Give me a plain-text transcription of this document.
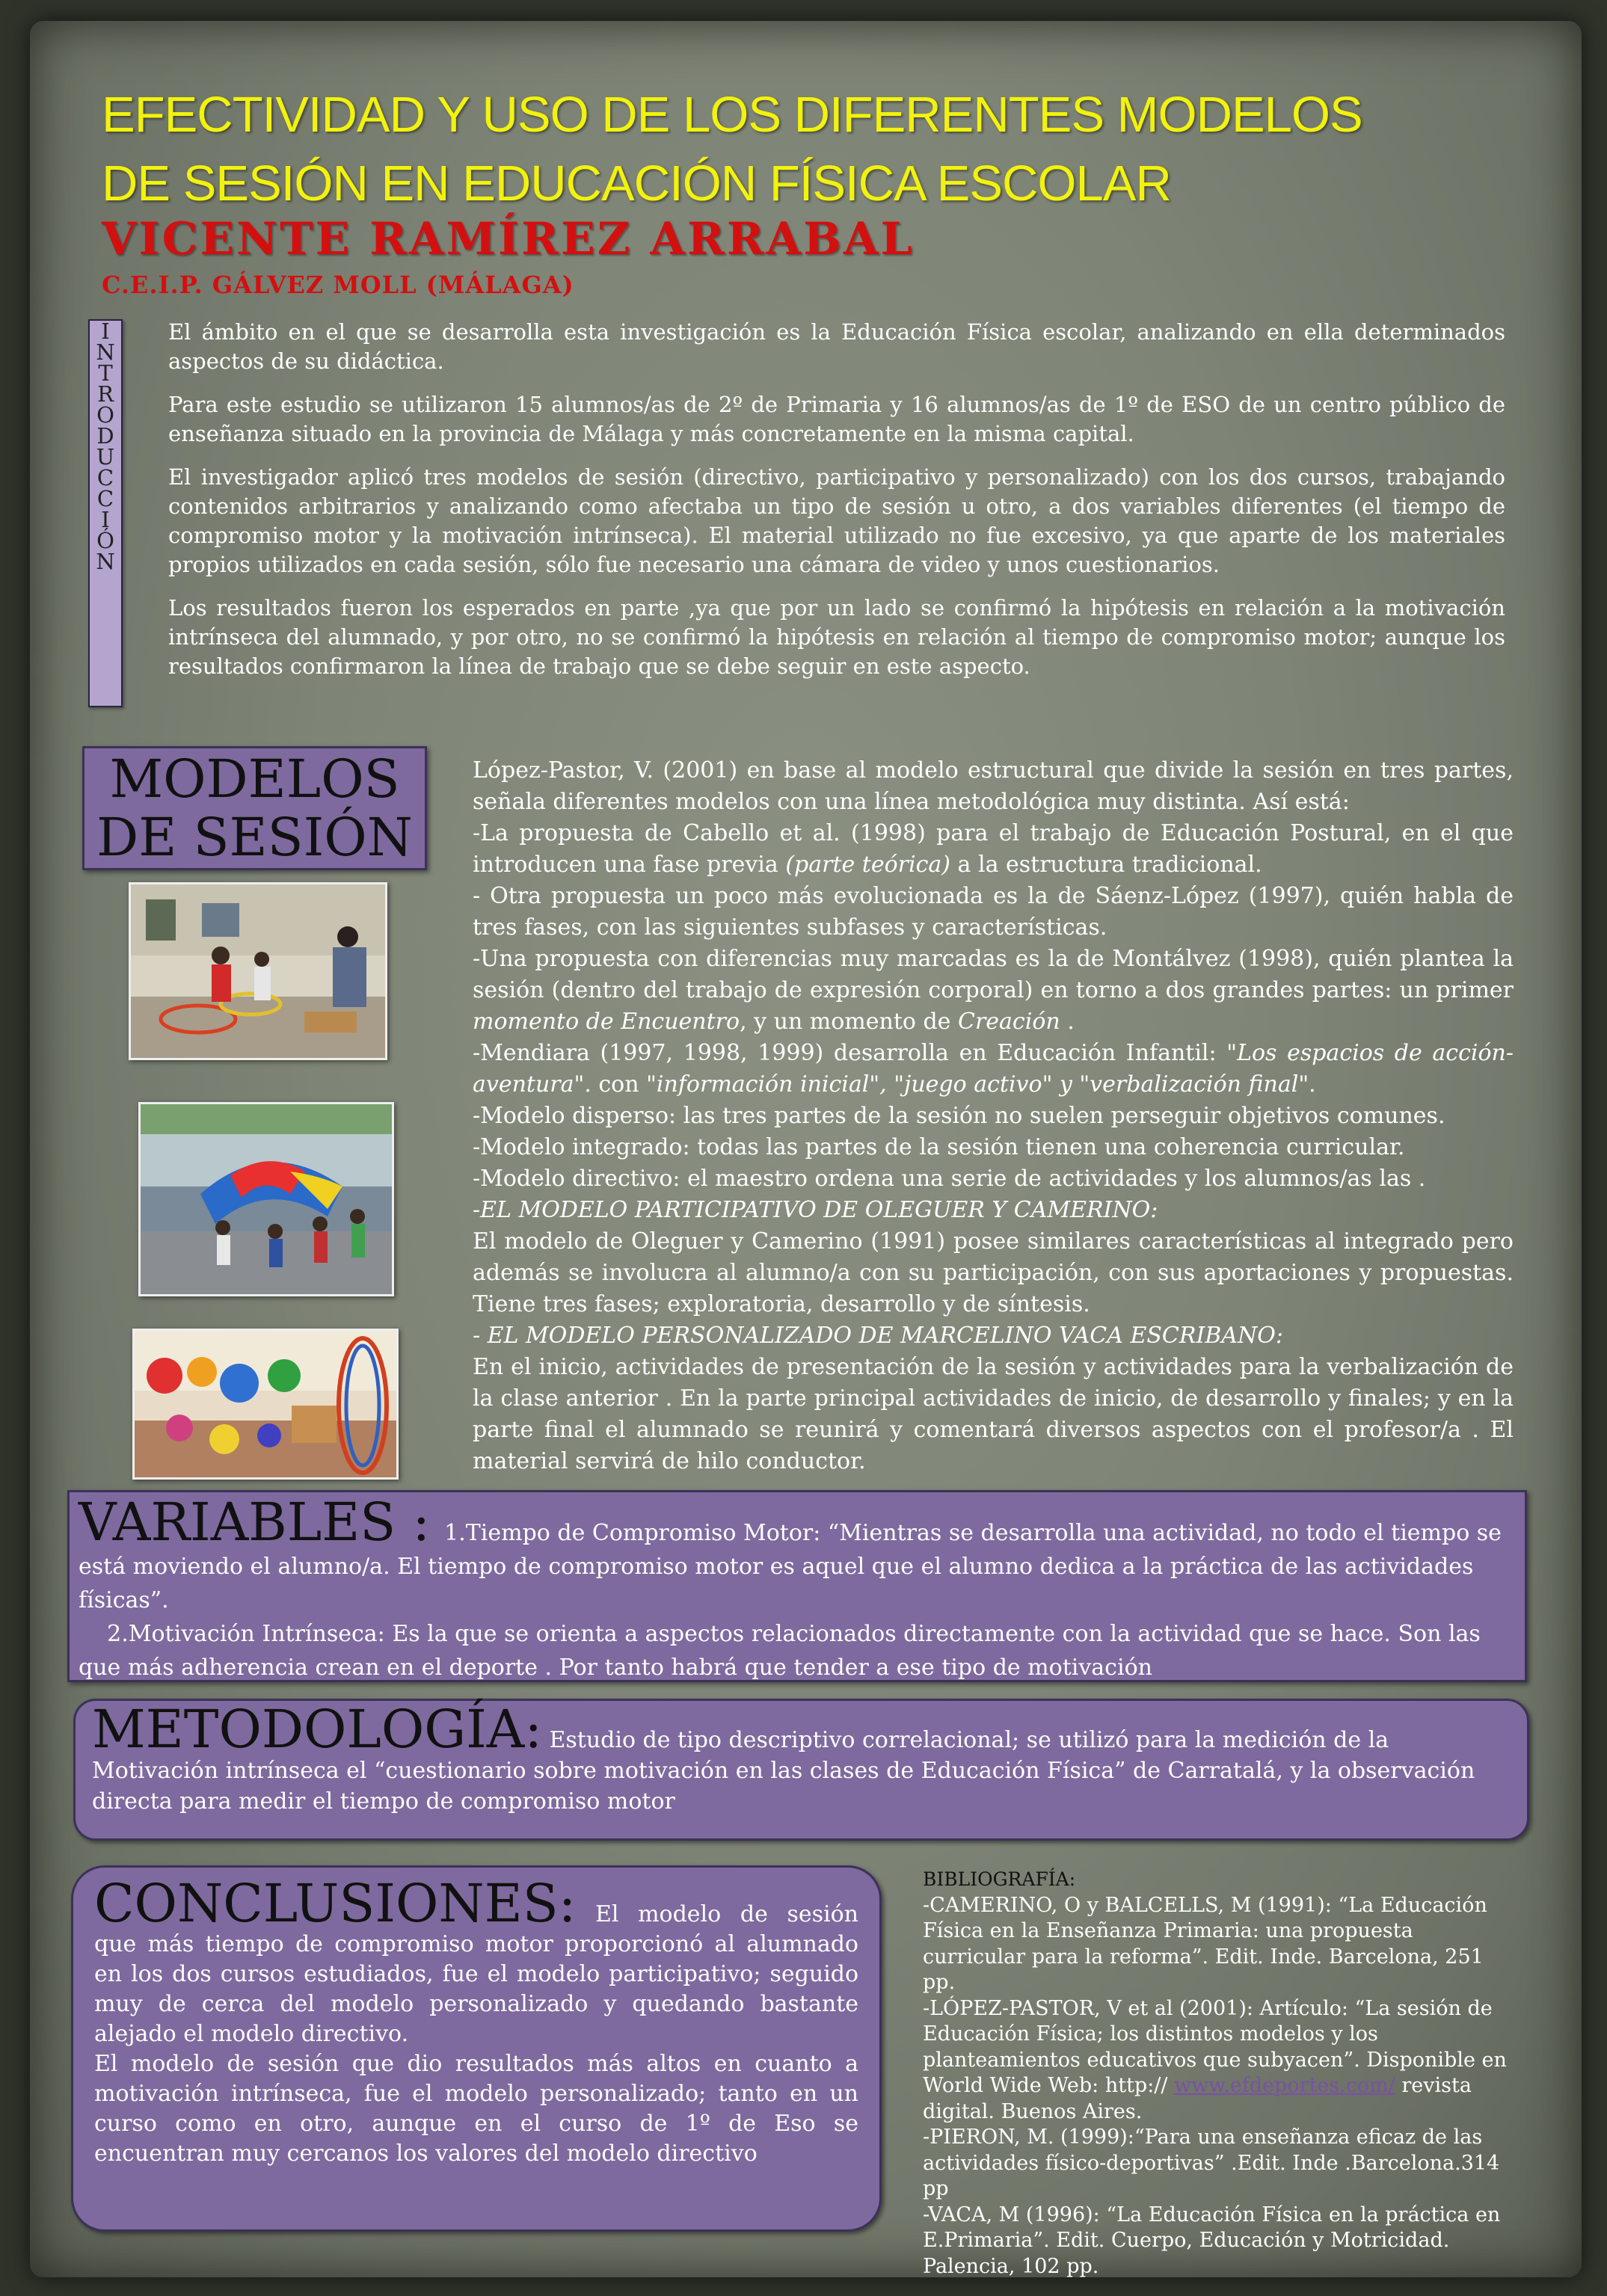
EFECTIVIDAD Y USO DE LOS DIFERENTES MODELOS
DE SESIÓN EN EDUCACIÓN FÍSICA ESCOLAR
VICENTE RAMÍREZ ARRABAL
C.E.I.P. GÁLVEZ MOLL (MÁLAGA)
I
N
T
R
O
D
U
C
C
I
Ó
N

El ámbito en el que se desarrolla esta investigación es la Educación Física escolar, analizando en ella determinados aspectos de su didáctica.

Para este estudio se utilizaron 15 alumnos/as de 2º de Primaria y 16 alumnos/as de 1º de ESO de un centro público de enseñanza situado en la provincia de Málaga y más concretamente en la misma capital.

El investigador aplicó tres modelos de sesión (directivo, participativo y personalizado) con los dos cursos, trabajando contenidos arbitrarios y analizando como afectaba un tipo de sesión u otro, a dos variables diferentes (el tiempo de compromiso motor y la motivación intrínseca). El material utilizado no fue excesivo, ya que aparte de los materiales propios utilizados en cada sesión, sólo fue necesario una cámara de video y unos cuestionarios.

Los resultados fueron los esperados en parte ,ya que por un lado se confirmó la hipótesis en relación a la motivación intrínseca del alumnado, y por otro, no se confirmó la hipótesis en relación al tiempo de compromiso motor; aunque los resultados confirmaron la línea de trabajo que se debe seguir en este aspecto.

MODELOS DE SESIÓN
López-Pastor, V. (2001) en base al modelo estructural que divide la sesión en tres partes, señala diferentes modelos con una línea metodológica muy distinta. Así está:
-La propuesta de Cabello et al. (1998) para el trabajo de Educación Postural, en el que introducen una fase previa (parte teórica) a la estructura tradicional.
- Otra propuesta un poco más evolucionada es la de Sáenz-López (1997), quién habla de tres fases, con las siguientes subfases y características.
-Una propuesta con diferencias muy marcadas es la de Montálvez (1998), quién plantea la sesión (dentro del trabajo de expresión corporal) en torno a dos grandes partes: un primer momento de Encuentro, y un momento de Creación .
-Mendiara (1997, 1998, 1999) desarrolla en Educación Infantil: "Los espacios de acción-aventura". con "información inicial", "juego activo" y "verbalización final".
-Modelo disperso: las tres partes de la sesión no suelen perseguir objetivos comunes.
-Modelo integrado: todas las partes de la sesión tienen una coherencia curricular.
-Modelo directivo: el maestro ordena una serie de actividades y los alumnos/as las .
-EL MODELO PARTICIPATIVO DE OLEGUER Y CAMERINO:
El modelo de Oleguer y Camerino (1991) posee similares características al integrado pero además se involucra al alumno/a con su participación, con sus aportaciones y propuestas. Tiene tres fases; exploratoria, desarrollo y de síntesis.
- EL MODELO PERSONALIZADO DE MARCELINO VACA ESCRIBANO:
En el inicio, actividades de presentación de la sesión y actividades para la verbalización de la clase anterior . En la parte principal actividades de inicio, de desarrollo y finales; y en la parte final el alumnado se reunirá y comentará diversos aspectos con el profesor/a . El material servirá de hilo conductor.
VARIABLES : 1.Tiempo de Compromiso Motor: “Mientras se desarrolla una actividad, no todo el tiempo se está moviendo el alumno/a. El tiempo de compromiso motor es aquel que el alumno dedica a la práctica de las actividades físicas”.
2.Motivación Intrínseca: Es la que se orienta a aspectos relacionados directamente con la actividad que se hace. Son las que más adherencia crean en el deporte . Por tanto habrá que tender a ese tipo de motivación
METODOLOGÍA: Estudio de tipo descriptivo correlacional; se utilizó para la medición de la Motivación intrínseca el “cuestionario sobre motivación en las clases de Educación Física” de Carratalá, y la observación directa para medir el tiempo de compromiso motor
CONCLUSIONES: El modelo de sesión que más tiempo de compromiso motor proporcionó al alumnado en los dos cursos estudiados, fue el modelo participativo; seguido muy de cerca del modelo personalizado y quedando bastante alejado el modelo directivo.
El modelo de sesión que dio resultados más altos en cuanto a motivación intrínseca, fue el modelo personalizado; tanto en un curso como en otro, aunque en el curso de 1º de Eso se encuentran muy cercanos los valores del modelo directivo
BIBLIOGRAFÍA:
-CAMERINO, O y BALCELLS, M (1991): “La Educación Física en la Enseñanza Primaria: una propuesta curricular para la reforma”. Edit. Inde. Barcelona, 251 pp.
-LÓPEZ-PASTOR, V et al (2001): Artículo: “La sesión de Educación Física; los distintos modelos y los planteamientos educativos que subyacen”. Disponible en World Wide Web: http:// www.efdeportes.com/ revista digital. Buenos Aires.
-PIERON, M. (1999):“Para una enseñanza eficaz de las actividades físico-deportivas” .Edit. Inde .Barcelona.314 pp
-VACA, M (1996): “La Educación Física en la práctica en E.Primaria”. Edit. Cuerpo, Educación y Motricidad. Palencia, 102 pp.
